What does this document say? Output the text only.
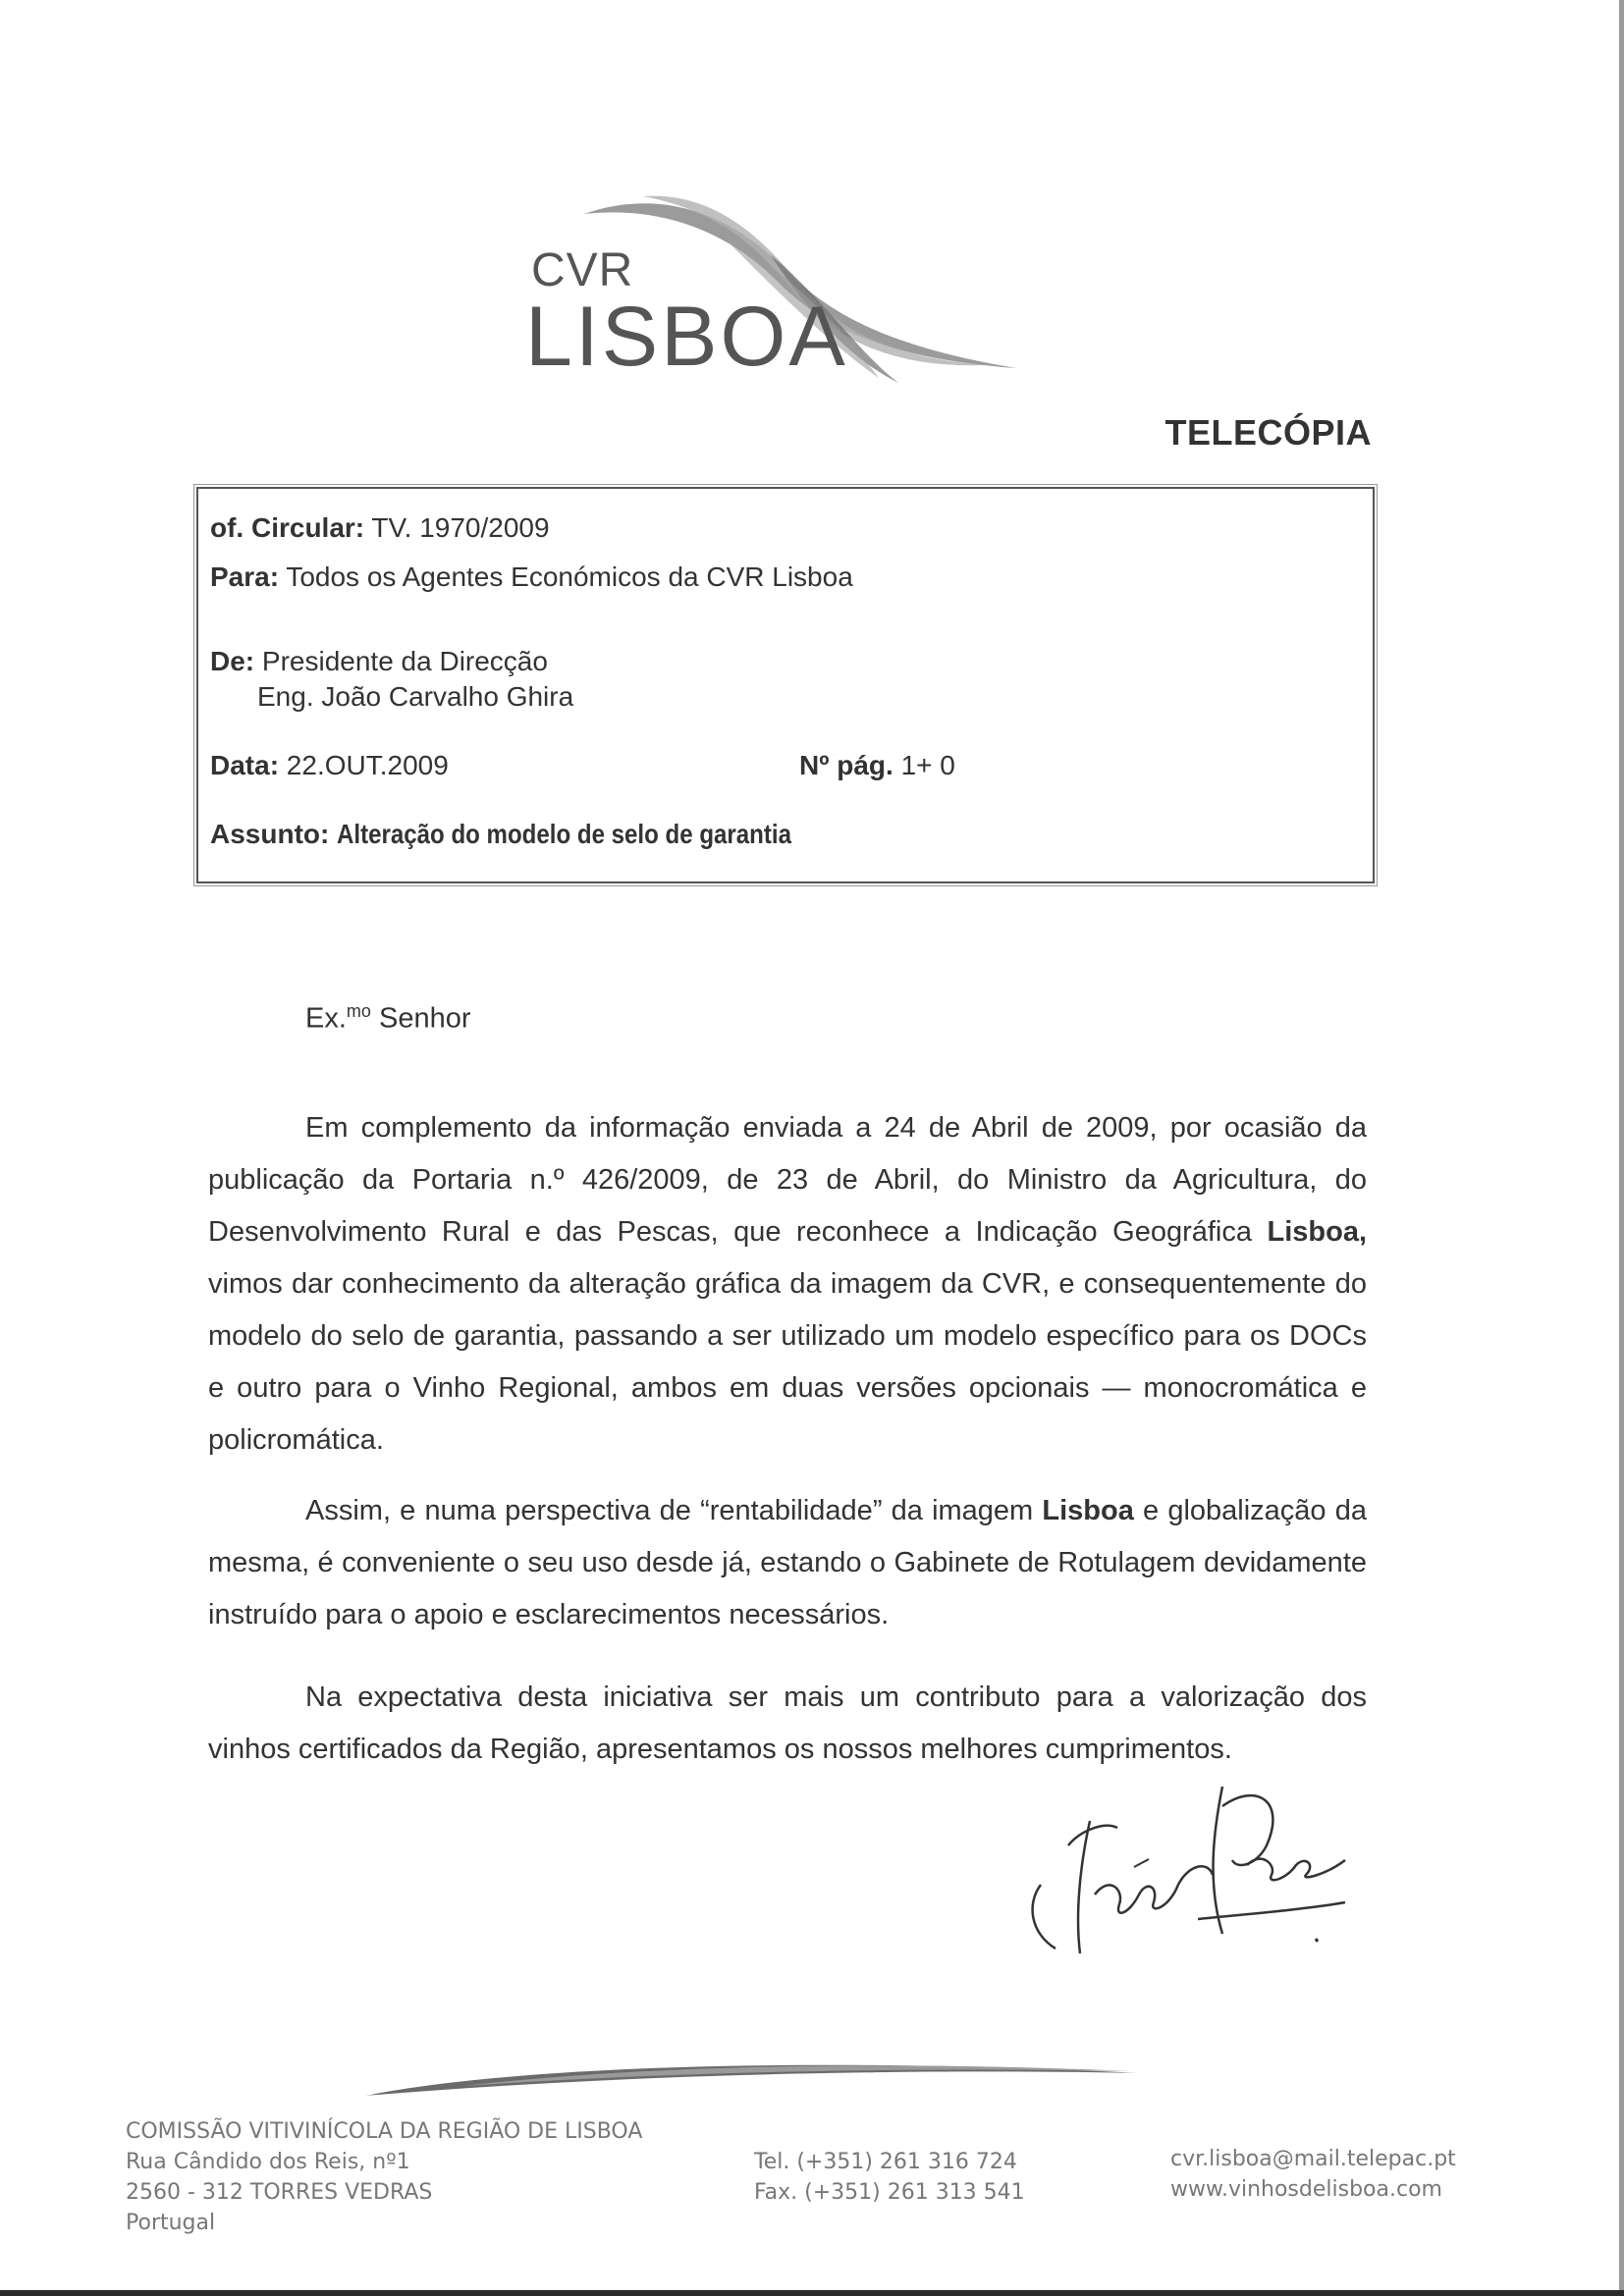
CVR
LISBOA
TELECÓPIA
of. Circular: TV. 1970/2009
Para: Todos os Agentes Económicos da CVR Lisboa
De: Presidente da Direcção
Eng. João Carvalho Ghira
Data: 22.OUT.2009	Nº pág. 1+ 0
Assunto: Alteração do modelo de selo de garantia
Ex.$^{mo}$ Senhor
Em complemento da informação enviada a 24 de Abril de 2009, por ocasião da publicação da Portaria n.º 426/2009, de 23 de Abril, do Ministro da Agricultura, do Desenvolvimento Rural e das Pescas, que reconhece a Indicação Geográfica Lisboa, vimos dar conhecimento da alteração gráfica da imagem da CVR, e consequentemente do modelo do selo de garantia, passando a ser utilizado um modelo específico para os DOCs e outro para o Vinho Regional, ambos em duas versões opcionais — monocromática e policromática.
Assim, e numa perspectiva de “rentabilidade” da imagem Lisboa e globalização da mesma, é conveniente o seu uso desde já, estando o Gabinete de Rotulagem devidamente instruído para o apoio e esclarecimentos necessários.
Na expectativa desta iniciativa ser mais um contributo para a valorização dos vinhos certificados da Região, apresentamos os nossos melhores cumprimentos.
COMISSÃO VITIVINÍCOLA DA REGIÃO DE LISBOA
Rua Cândido dos Reis, nº1
2560 - 312 TORRES VEDRAS
Portugal
Tel. (+351) 261 316 724
Fax. (+351) 261 313 541
cvr.lisboa@mail.telepac.pt
www.vinhosdelisboa.com
